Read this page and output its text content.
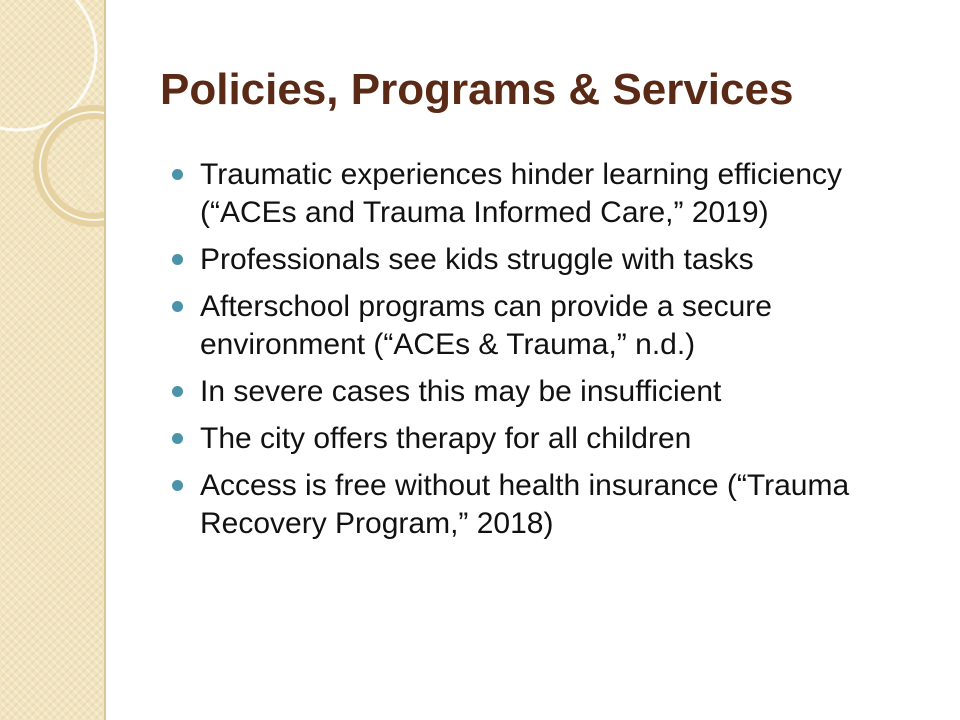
Policies, Programs & Services
Traumatic experiences hinder learning efficiency (“ACEs and Trauma Informed Care,” 2019)
Professionals see kids struggle with tasks
Afterschool programs can provide a secure environment (“ACEs & Trauma,” n.d.)
In severe cases this may be insufficient
The city offers therapy for all children
Access is free without health insurance (“Trauma Recovery Program,” 2018)
